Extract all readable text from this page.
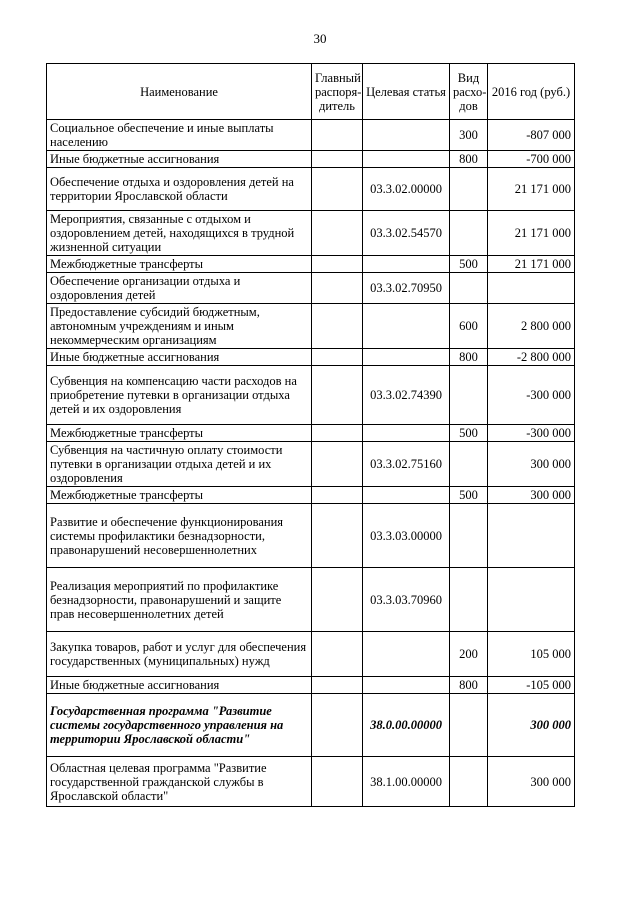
30
Наименование	Главный распоря-дитель	Целевая статья	Вид расхо-дов	2016 год (руб.)
Социальное обеспечение и иные выплаты населению			300	-807 000
Иные бюджетные ассигнования			800	-700 000
Обеспечение отдыха и оздоровления детей на территории Ярославской области		03.3.02.00000		21 171 000
Мероприятия, связанные с отдыхом и оздоровлением детей, находящихся в трудной жизненной ситуации		03.3.02.54570		21 171 000
Межбюджетные трансферты			500	21 171 000
Обеспечение организации отдыха и оздоровления детей		03.3.02.70950		
Предоставление субсидий бюджетным, автономным учреждениям и иным некоммерческим организациям			600	2 800 000
Иные бюджетные ассигнования			800	-2 800 000
Субвенция на компенсацию части расходов на приобретение путевки в организации отдыха детей и их оздоровления		03.3.02.74390		-300 000
Межбюджетные трансферты			500	-300 000
Субвенция на частичную оплату стоимости путевки в организации отдыха детей и их оздоровления		03.3.02.75160		300 000
Межбюджетные трансферты			500	300 000
Развитие и обеспечение функционирования системы профилактики безнадзорности, правонарушений несовершеннолетних		03.3.03.00000		
Реализация мероприятий по профилактике безнадзорности, правонарушений и защите прав несовершеннолетних детей		03.3.03.70960		
Закупка товаров, работ и услуг для обеспечения государственных (муниципальных) нужд			200	105 000
Иные бюджетные ассигнования			800	-105 000
Государственная программа "Развитие системы государственного управления на территории Ярославской области"		38.0.00.00000		300 000
Областная целевая программа "Развитие государственной гражданской службы в Ярославской области"		38.1.00.00000		300 000
